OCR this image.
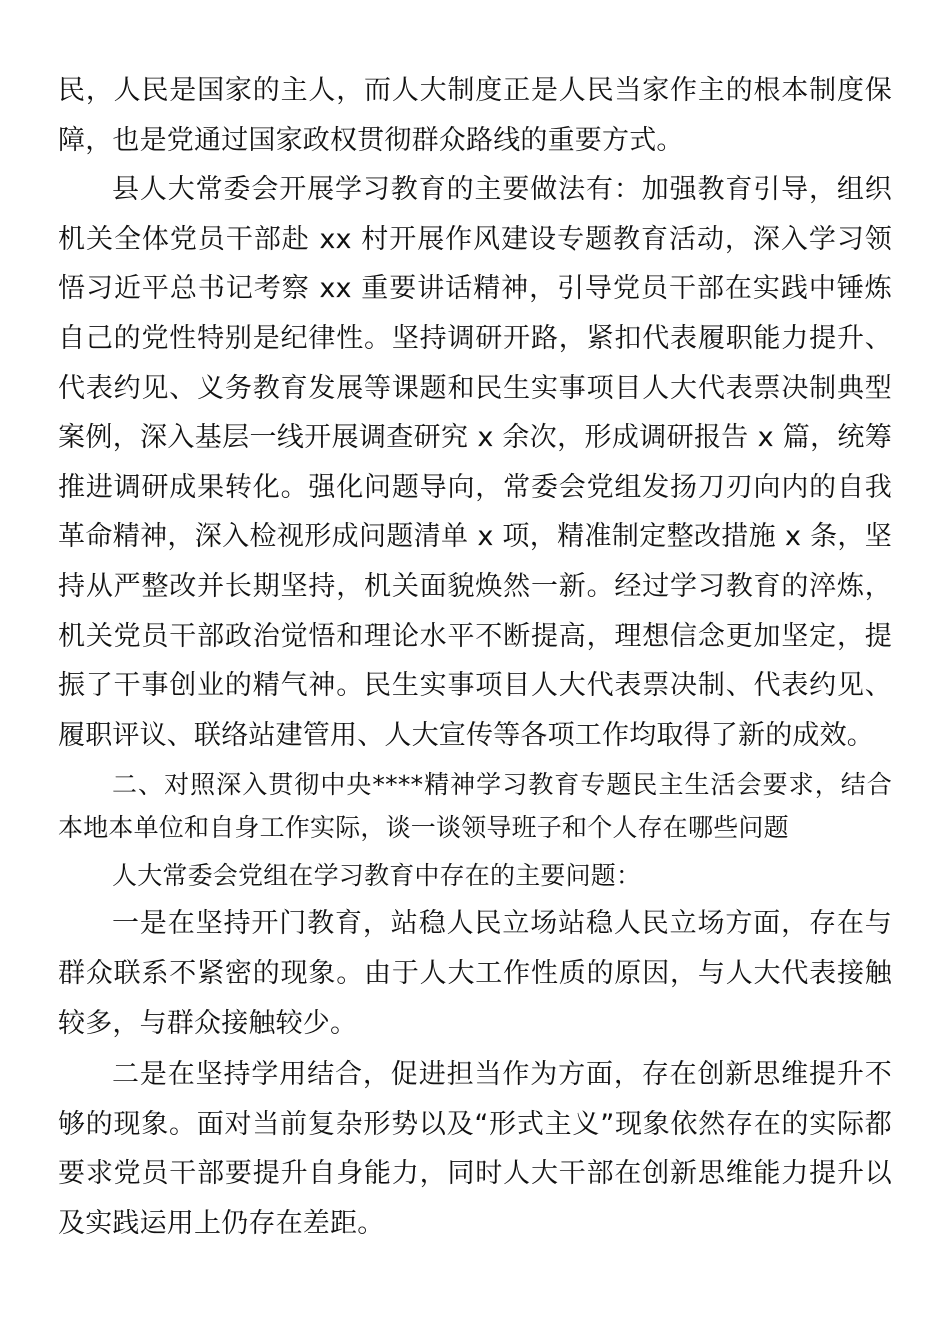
民，人民是国家的主人，而人大制度正是人民当家作主的根本制度保障，也是党通过国家政权贯彻群众路线的重要方式。

县人大常委会开展学习教育的主要做法有：加强教育引导，组织机关全体党员干部赴 xx 村开展作风建设专题教育活动，深入学习领悟习近平总书记考察 xx 重要讲话精神，引导党员干部在实践中锤炼自己的党性特别是纪律性。坚持调研开路，紧扣代表履职能力提升、代表约见、义务教育发展等课题和民生实事项目人大代表票决制典型案例，深入基层一线开展调查研究 x 余次，形成调研报告 x 篇，统筹推进调研成果转化。强化问题导向，常委会党组发扬刀刃向内的自我革命精神，深入检视形成问题清单 x 项，精准制定整改措施 x 条，坚持从严整改并长期坚持，机关面貌焕然一新。经过学习教育的淬炼，机关党员干部政治觉悟和理论水平不断提高，理想信念更加坚定，提振了干事创业的精气神。民生实事项目人大代表票决制、代表约见、履职评议、联络站建管用、人大宣传等各项工作均取得了新的成效。

二、对照深入贯彻中央****精神学习教育专题民主生活会要求，结合本地本单位和自身工作实际，谈一谈领导班子和个人存在哪些问题

人大常委会党组在学习教育中存在的主要问题：

一是在坚持开门教育，站稳人民立场站稳人民立场方面，存在与群众联系不紧密的现象。由于人大工作性质的原因，与人大代表接触较多，与群众接触较少。

二是在坚持学用结合，促进担当作为方面，存在创新思维提升不够的现象。面对当前复杂形势以及“形式主义”现象依然存在的实际都要求党员干部要提升自身能力，同时人大干部在创新思维能力提升以及实践运用上仍存在差距。
